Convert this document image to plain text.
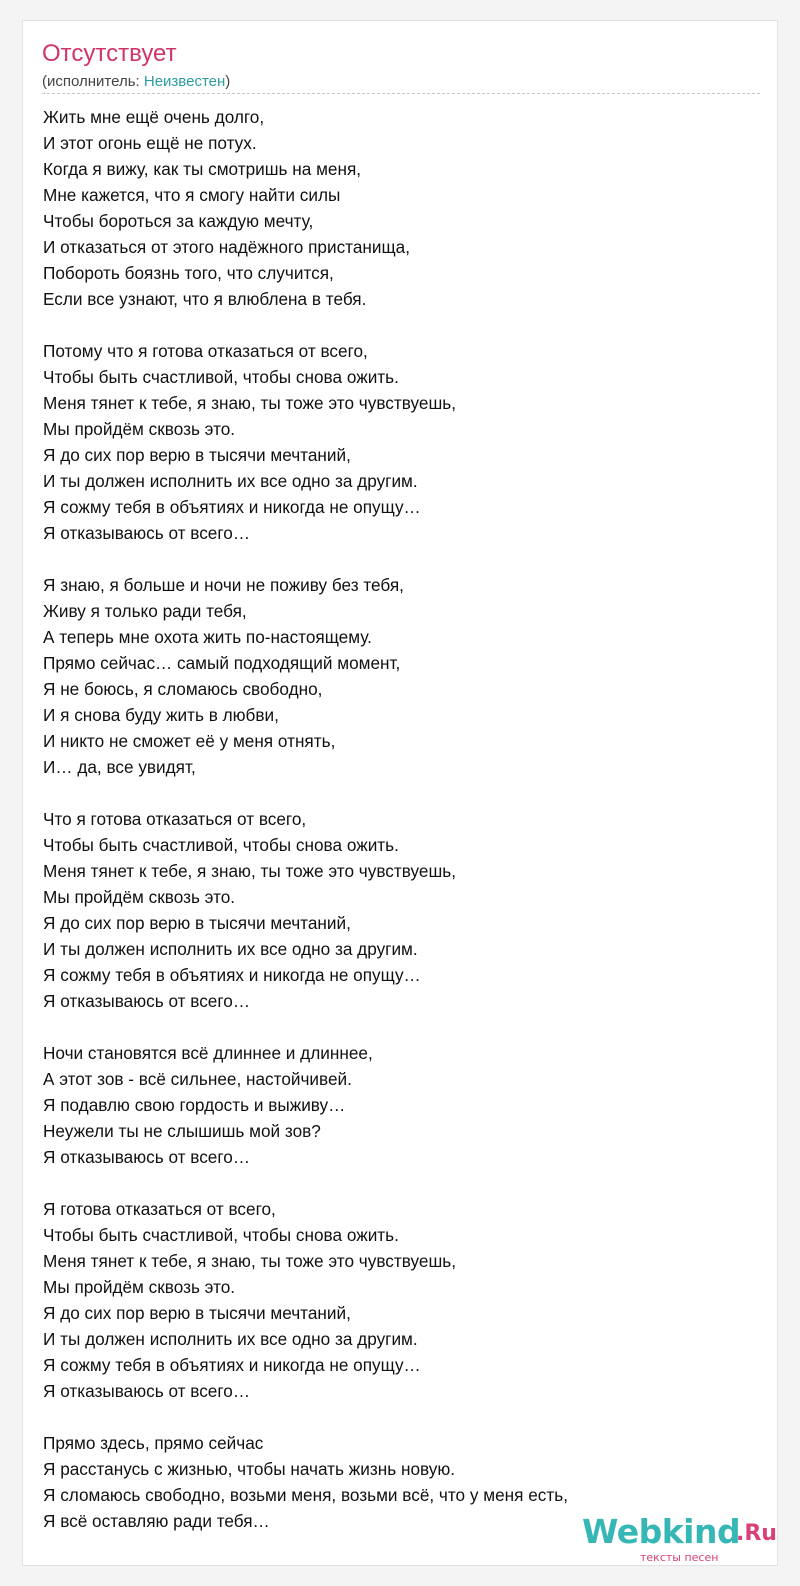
Отсутствует
(исполнитель: Неизвестен)
Жить мне ещё очень долго,
И этот огонь ещё не потух.
Когда я вижу, как ты смотришь на меня,
Мне кажется, что я смогу найти силы
Чтобы бороться за каждую мечту,
И отказаться от этого надёжного пристанища,
Побороть боязнь того, что случится,
Если все узнают, что я влюблена в тебя.
Потому что я готова отказаться от всего,
Чтобы быть счастливой, чтобы снова ожить.
Меня тянет к тебе, я знаю, ты тоже это чувствуешь,
Мы пройдём сквозь это.
Я до сих пор верю в тысячи мечтаний,
И ты должен исполнить их все одно за другим.
Я сожму тебя в объятиях и никогда не опущу…
Я отказываюсь от всего…
Я знаю, я больше и ночи не поживу без тебя,
Живу я только ради тебя,
А теперь мне охота жить по-настоящему.
Прямо сейчас… самый подходящий момент,
Я не боюсь, я сломаюсь свободно,
И я снова буду жить в любви,
И никто не сможет её у меня отнять,
И… да, все увидят,
Что я готова отказаться от всего,
Чтобы быть счастливой, чтобы снова ожить.
Меня тянет к тебе, я знаю, ты тоже это чувствуешь,
Мы пройдём сквозь это.
Я до сих пор верю в тысячи мечтаний,
И ты должен исполнить их все одно за другим.
Я сожму тебя в объятиях и никогда не опущу…
Я отказываюсь от всего…
Ночи становятся всё длиннее и длиннее,
А этот зов - всё сильнее, настойчивей.
Я подавлю свою гордость и выживу…
Неужели ты не слышишь мой зов?
Я отказываюсь от всего…
Я готова отказаться от всего,
Чтобы быть счастливой, чтобы снова ожить.
Меня тянет к тебе, я знаю, ты тоже это чувствуешь,
Мы пройдём сквозь это.
Я до сих пор верю в тысячи мечтаний,
И ты должен исполнить их все одно за другим.
Я сожму тебя в объятиях и никогда не опущу…
Я отказываюсь от всего…
Прямо здесь, прямо сейчас
Я расстанусь с жизнью, чтобы начать жизнь новую.
Я сломаюсь свободно, возьми меня, возьми всё, что у меня есть,
Я всё оставляю ради тебя…	Webkind
.Ru
тексты песен
